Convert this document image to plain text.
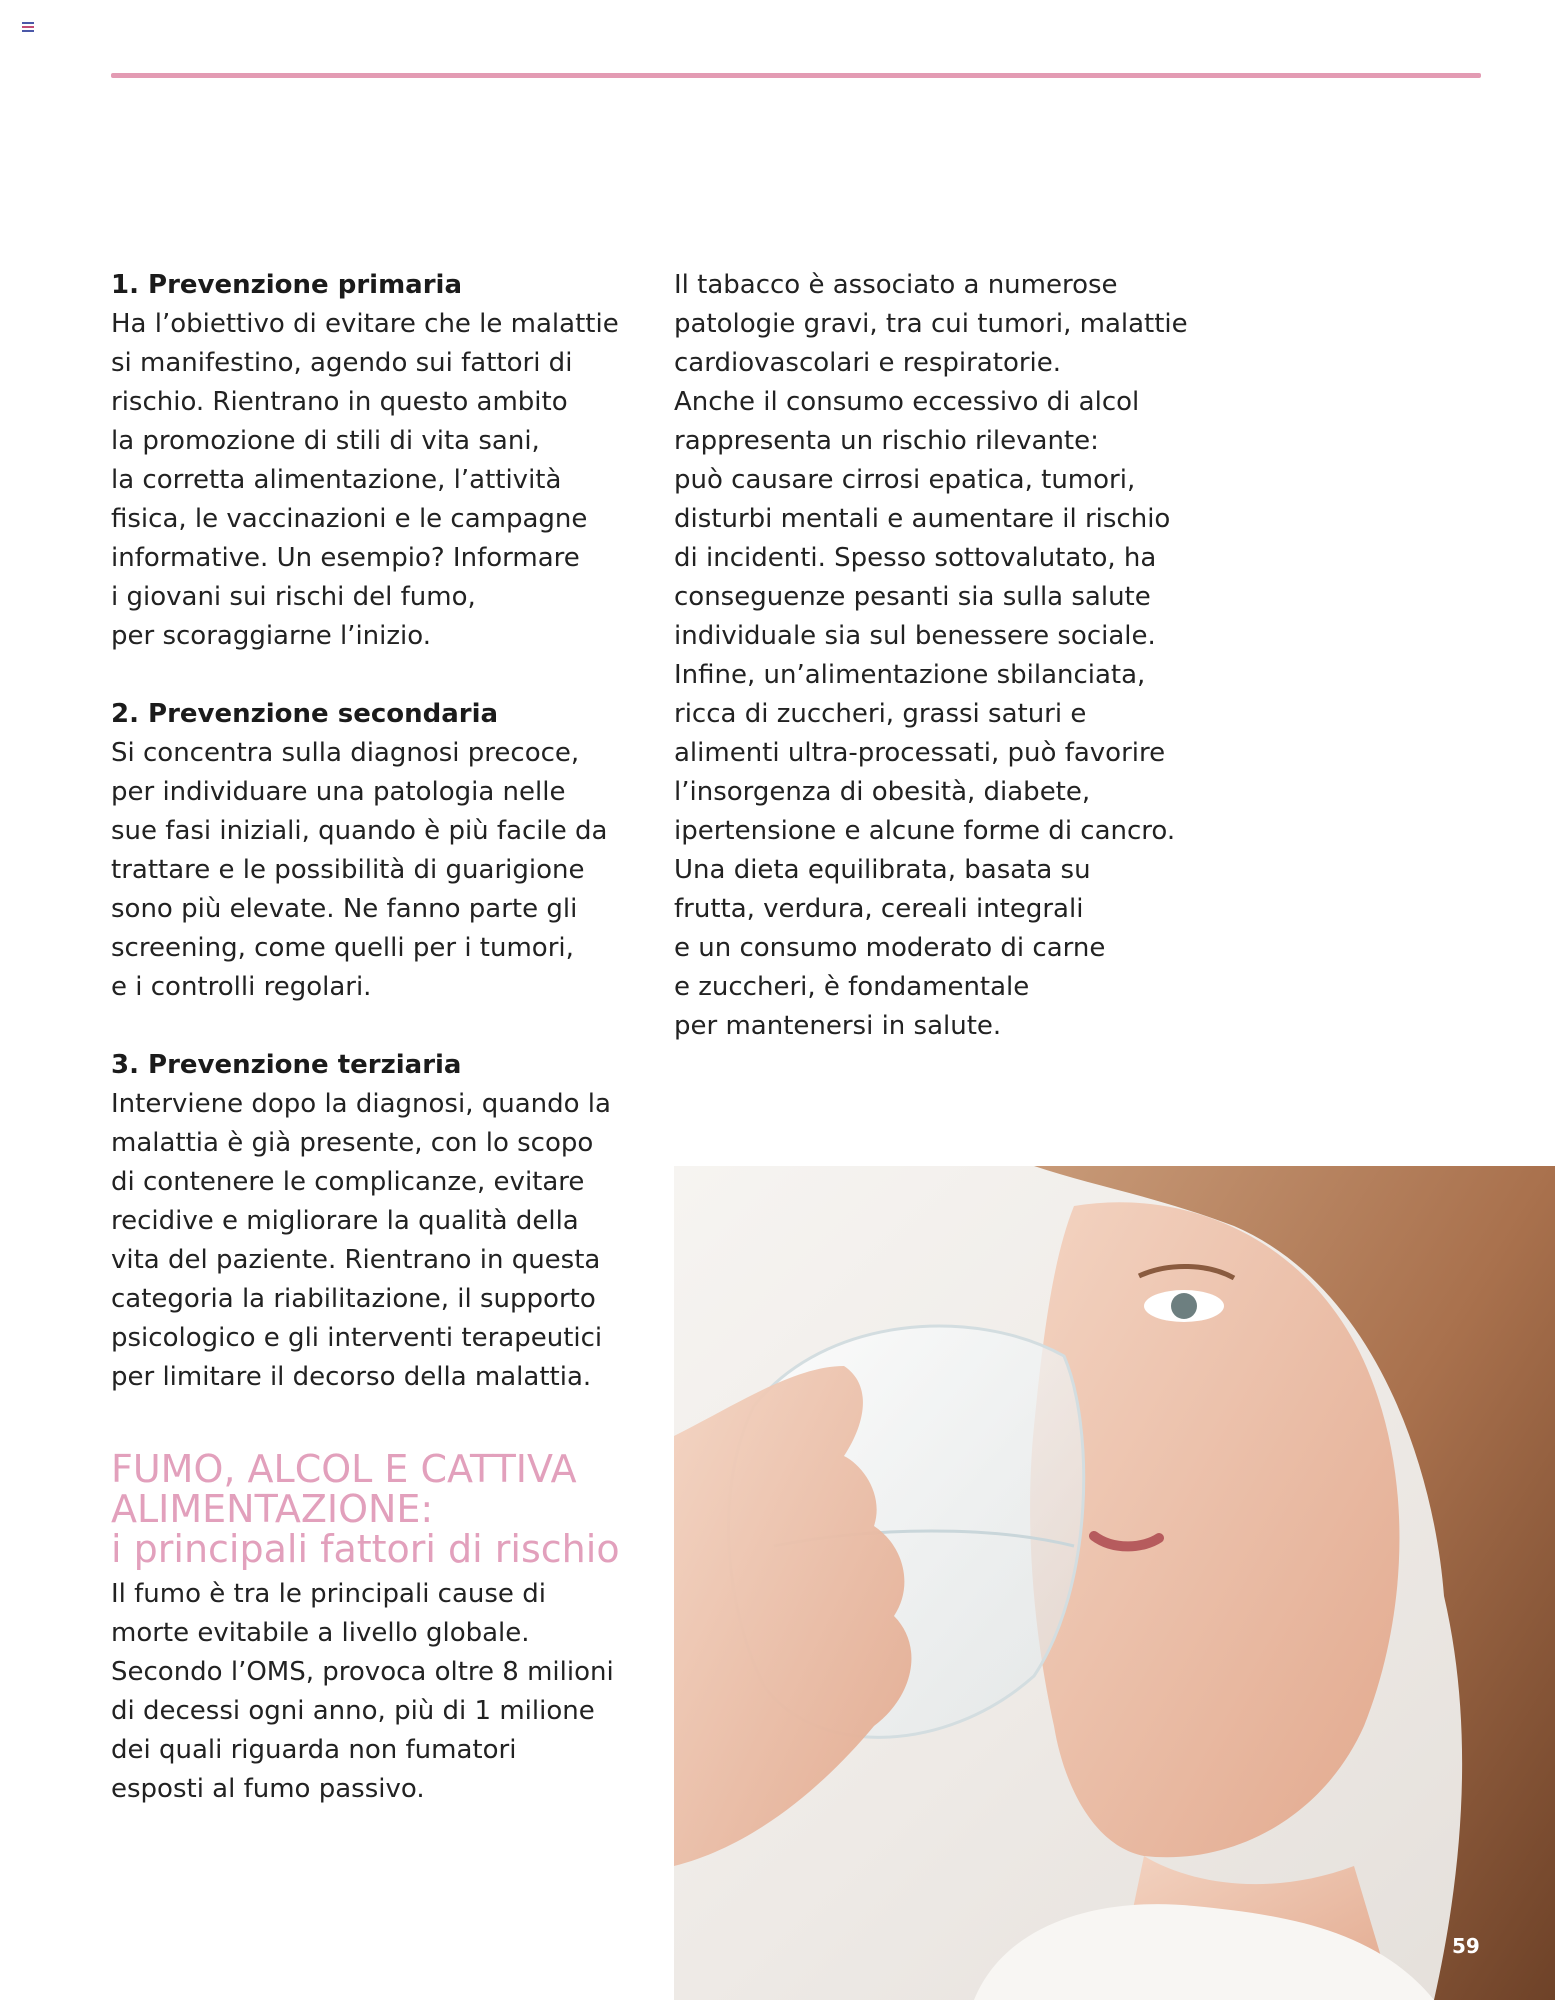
1. Prevenzione primaria

Ha l’obiettivo di evitare che le malattie
si manifestino, agendo sui fattori di
rischio. Rientrano in questo ambito
la promozione di stili di vita sani,
la corretta alimentazione, l’attività
fisica, le vaccinazioni e le campagne
informative. Un esempio? Informare
i giovani sui rischi del fumo,
per scoraggiarne l’inizio.

2. Prevenzione secondaria

Si concentra sulla diagnosi precoce,
per individuare una patologia nelle
sue fasi iniziali, quando è più facile da
trattare e le possibilità di guarigione
sono più elevate. Ne fanno parte gli
screening, come quelli per i tumori,
e i controlli regolari.

3. Prevenzione terziaria

Interviene dopo la diagnosi, quando la
malattia è già presente, con lo scopo
di contenere le complicanze, evitare
recidive e migliorare la qualità della
vita del paziente. Rientrano in questa
categoria la riabilitazione, il supporto
psicologico e gli interventi terapeutici
per limitare il decorso della malattia.

FUMO, ALCOL E CATTIVA
ALIMENTAZIONE:
i principali fattori di rischio

Il fumo è tra le principali cause di
morte evitabile a livello globale.
Secondo l’OMS, provoca oltre 8 milioni
di decessi ogni anno, più di 1 milione
dei quali riguarda non fumatori
esposti al fumo passivo.

Il tabacco è associato a numerose
patologie gravi, tra cui tumori, malattie
cardiovascolari e respiratorie.
Anche il consumo eccessivo di alcol
rappresenta un rischio rilevante:
può causare cirrosi epatica, tumori,
disturbi mentali e aumentare il rischio
di incidenti. Spesso sottovalutato, ha
conseguenze pesanti sia sulla salute
individuale sia sul benessere sociale.
Infine, un’alimentazione sbilanciata,
ricca di zuccheri, grassi saturi e
alimenti ultra-processati, può favorire
l’insorgenza di obesità, diabete,
ipertensione e alcune forme di cancro.
Una dieta equilibrata, basata su
frutta, verdura, cereali integrali
e un consumo moderato di carne
e zuccheri, è fondamentale
per mantenersi in salute.

59
